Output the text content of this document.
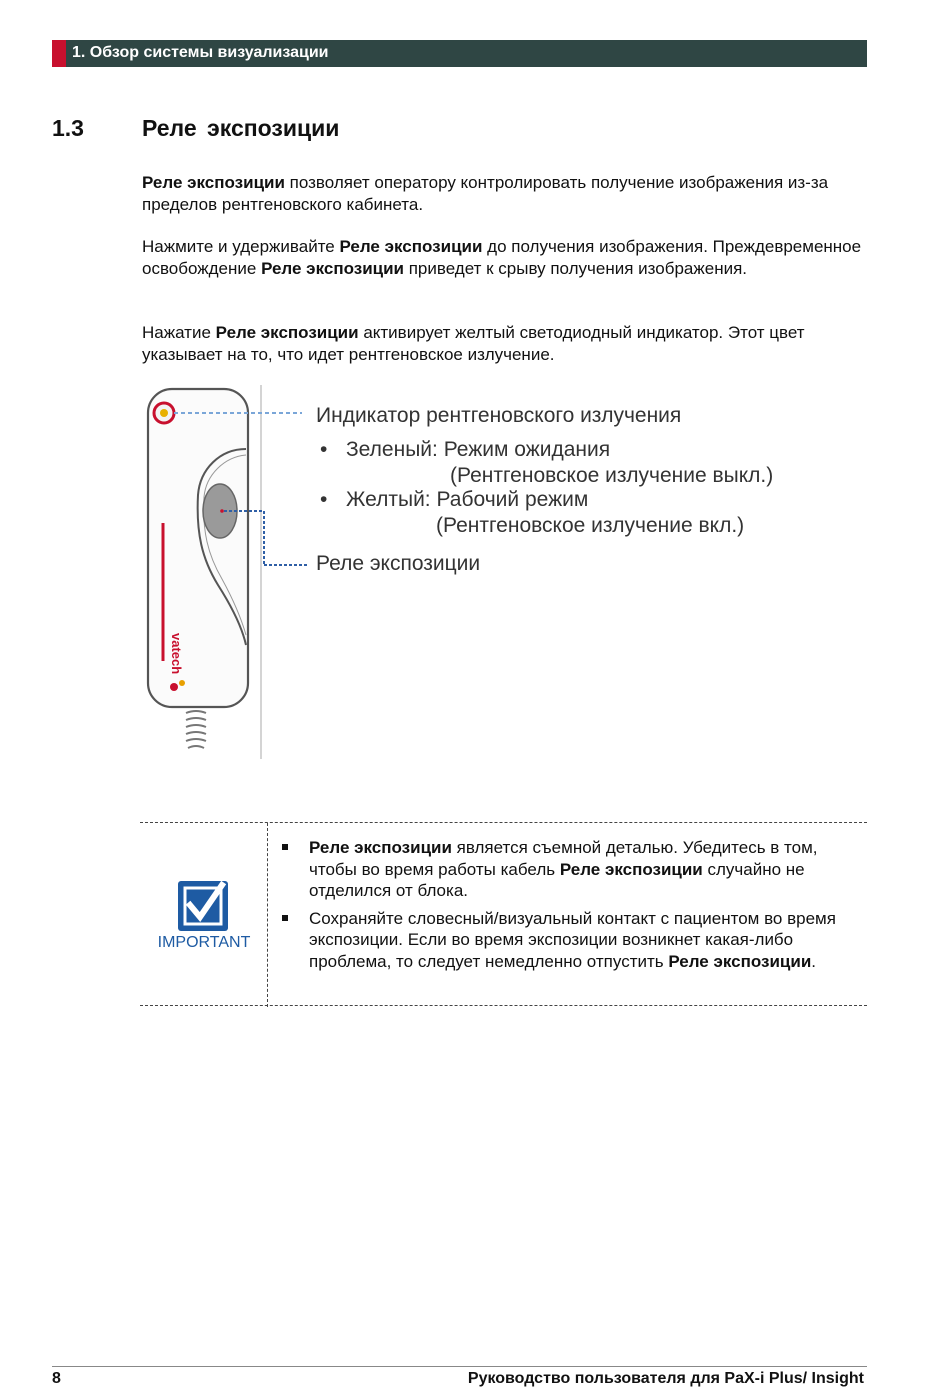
1. Обзор системы визуализации
1.3	Реле экспозиции

Реле экспозиции позволяет оператору контролировать получение изображения из-за пределов рентгеновского кабинета.

Нажмите и удерживайте Реле экспозиции до получения изображения. Преждевременное освобождение Реле экспозиции приведет к срыву получения изображения.

Нажатие Реле экспозиции активирует желтый светодиодный индикатор. Этот цвет указывает на то, что идет рентгеновское излучение.

vatech
Индикатор рентгеновского излучения
• Зеленый: Режим ожидания
(Рентгеновское излучение выкл.)
• Желтый: Рабочий режим
(Рентгеновское излучение вкл.)
Реле экспозиции
IMPORTANT
Реле экспозиции является съемной деталью. Убедитесь в том, чтобы во время работы кабель Реле экспозиции случайно не отделился от блока.
Сохраняйте словесный/визуальный контакт с пациентом во время экспозиции. Если во время экспозиции возникнет какая-либо проблема, то следует немедленно отпустить Реле экспозиции.
8	Руководство пользователя для PaX-i Plus/ Insight
